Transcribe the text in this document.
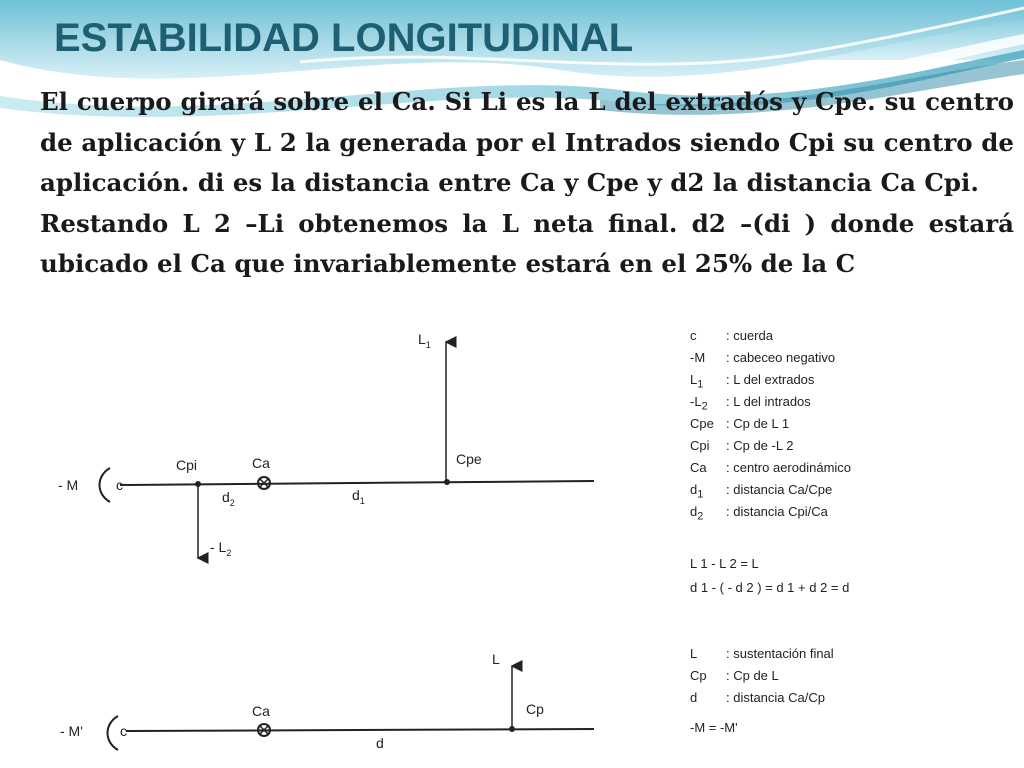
ESTABILIDAD LONGITUDINAL

El cuerpo girará sobre el Ca. Si Li es la L del extradós y Cpe. su centro de aplicación y L 2 la generada por el Intrados siendo Cpi su centro de aplicación. di es la distancia entre Ca y Cpe y d2 la distancia Ca Cpi.

Restando L 2 –Li obtenemos la L neta final. d2 –(di ) donde estará ubicado el Ca que invariablemente estará en el 25% de la C

- M	c
Cpi	Ca	Cpe
$L_1$
- $L_2$
$d_2$	$d_1$
- M'	c
Ca	Cp
L
d
c : cuerda
-M : cabeceo negativo
$L_1$ : L del extrados
$-L_2$ : L del intrados
Cpe : Cp de L 1
Cpi : Cp de -L 2
Ca : centro aerodinámico
$d_1$ : distancia Ca/Cpe
$d_2$ : distancia Cpi/Ca
L 1 - L 2 = L
d 1 - ( - d 2 ) = d 1 + d 2 = d
L : sustentación final
Cp : Cp de L
d : distancia Ca/Cp
-M = -M'
